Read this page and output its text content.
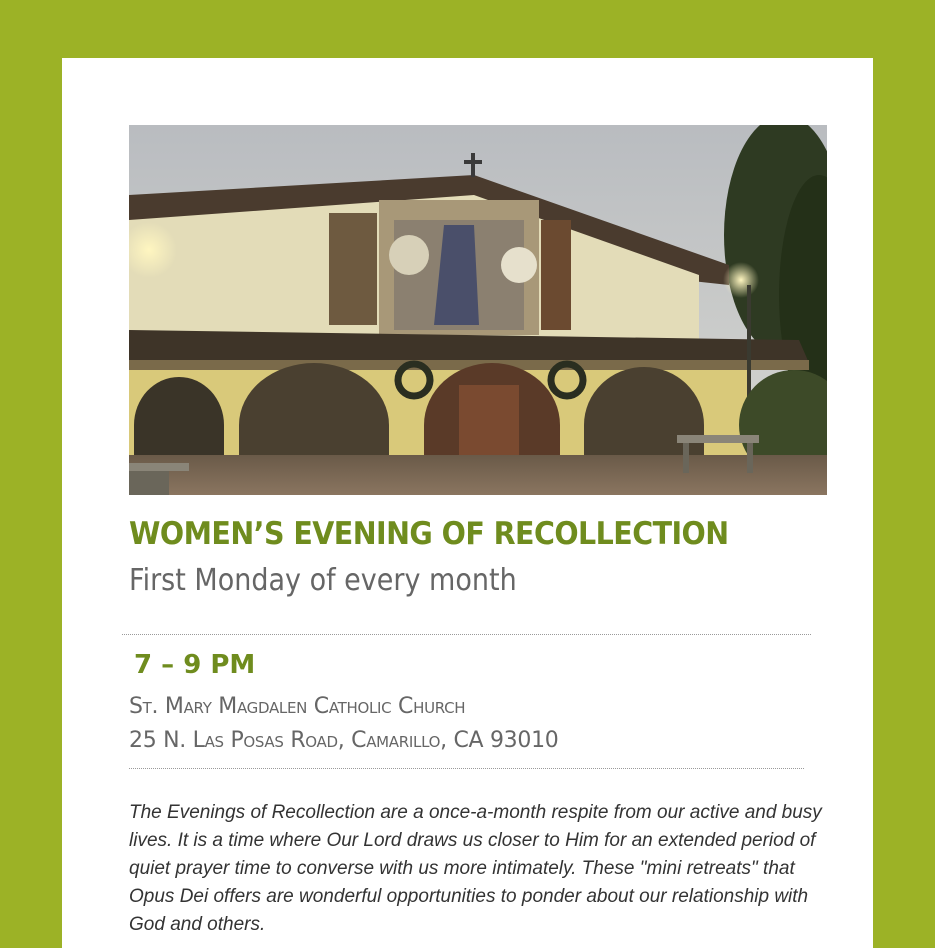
WOMEN’S EVENING OF RECOLLECTION
First Monday of every month
7 – 9 PM
St. Mary Magdalen Catholic Church
25 N. Las Posas Road, Camarillo, CA 93010

The Evenings of Recollection are a once-a-month respite from our active and busy lives. It is a time where Our Lord draws us closer to Him for an extended period of quiet prayer time to converse with us more intimately. These "mini retreats" that Opus Dei offers are wonderful opportunities to ponder about our relationship with God and others.
